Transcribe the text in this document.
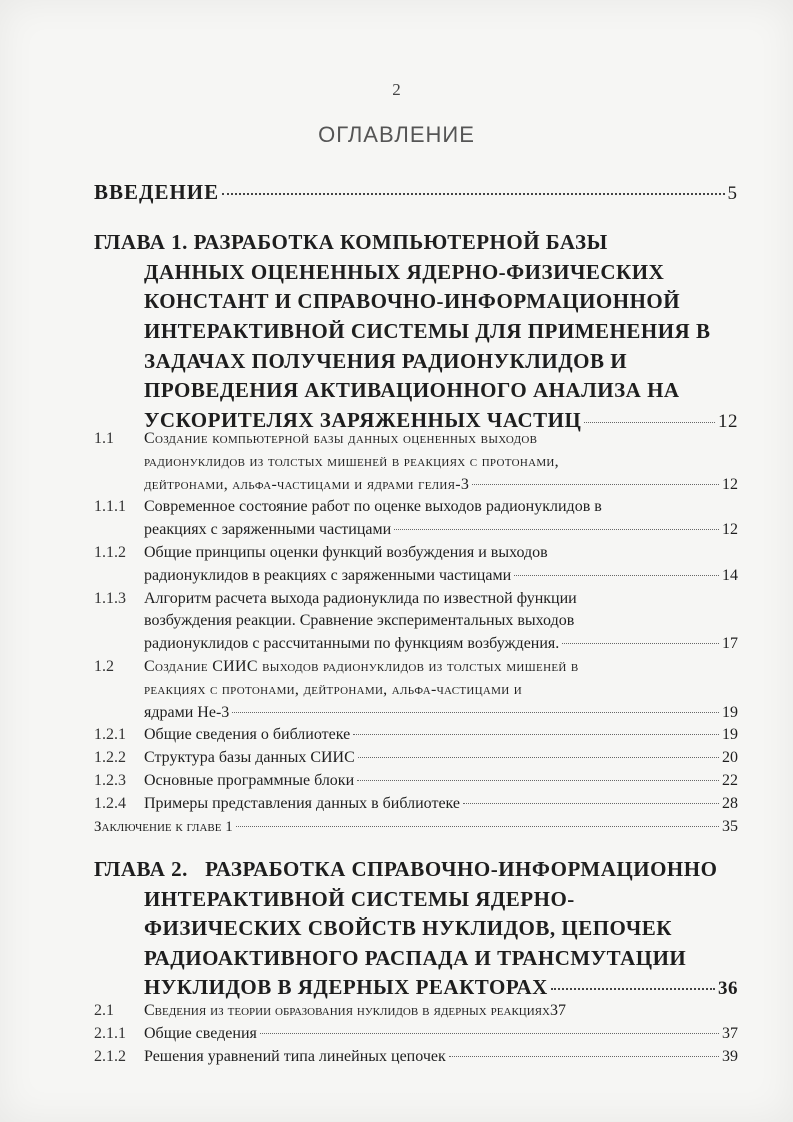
2
ОГЛАВЛЕНИЕ
ВВЕДЕНИЕ	5
ГЛАВА 1. РАЗРАБОТКА КОМПЬЮТЕРНОЙ БАЗЫ
ДАННЫХ ОЦЕНЕННЫХ ЯДЕРНО-ФИЗИЧЕСКИХ
КОНСТАНТ И СПРАВОЧНО-ИНФОРМАЦИОННОЙ
ИНТЕРАКТИВНОЙ СИСТЕМЫ ДЛЯ ПРИМЕНЕНИЯ В
ЗАДАЧАХ ПОЛУЧЕНИЯ РАДИОНУКЛИДОВ И
ПРОВЕДЕНИЯ АКТИВАЦИОННОГО АНАЛИЗА НА
УСКОРИТЕЛЯХ ЗАРЯЖЕННЫХ ЧАСТИЦ	12
1.1	Создание компьютерной базы данных оцененных выходов
радионуклидов из толстых мишеней в реакциях с протонами,
дейтронами, альфа-частицами и ядрами гелия-3	12
1.1.1	Современное состояние работ по оценке выходов радионуклидов в
реакциях с заряженными частицами	12
1.1.2	Общие принципы оценки функций возбуждения и выходов
радионуклидов в реакциях с заряженными частицами	14
1.1.3	Алгоритм расчета выхода радионуклида по известной функции
возбуждения реакции. Сравнение экспериментальных выходов
радионуклидов с рассчитанными по функциям возбуждения.	17
1.2	Создание СИИС выходов радионуклидов из толстых мишеней в
реакциях с протонами, дейтронами, альфа-частицами и
ядрами Не-3	19
1.2.1	Общие сведения о библиотеке	19
1.2.2	Структура базы данных СИИС	20
1.2.3	Основные программные блоки	22
1.2.4	Примеры представления данных в библиотеке	28
Заключение к главе 1	35
ГЛАВА 2.   РАЗРАБОТКА СПРАВОЧНО-ИНФОРМАЦИОННО
ИНТЕРАКТИВНОЙ СИСТЕМЫ ЯДЕРНО-
ФИЗИЧЕСКИХ СВОЙСТВ НУКЛИДОВ, ЦЕПОЧЕК
РАДИОАКТИВНОГО РАСПАДА И ТРАНСМУТАЦИИ
НУКЛИДОВ В ЯДЕРНЫХ РЕАКТОРАХ	36
2.1	Сведения из теории образования нуклидов в ядерных реакциях 37
2.1.1	Общие сведения	37
2.1.2	Решения уравнений типа линейных цепочек	39
